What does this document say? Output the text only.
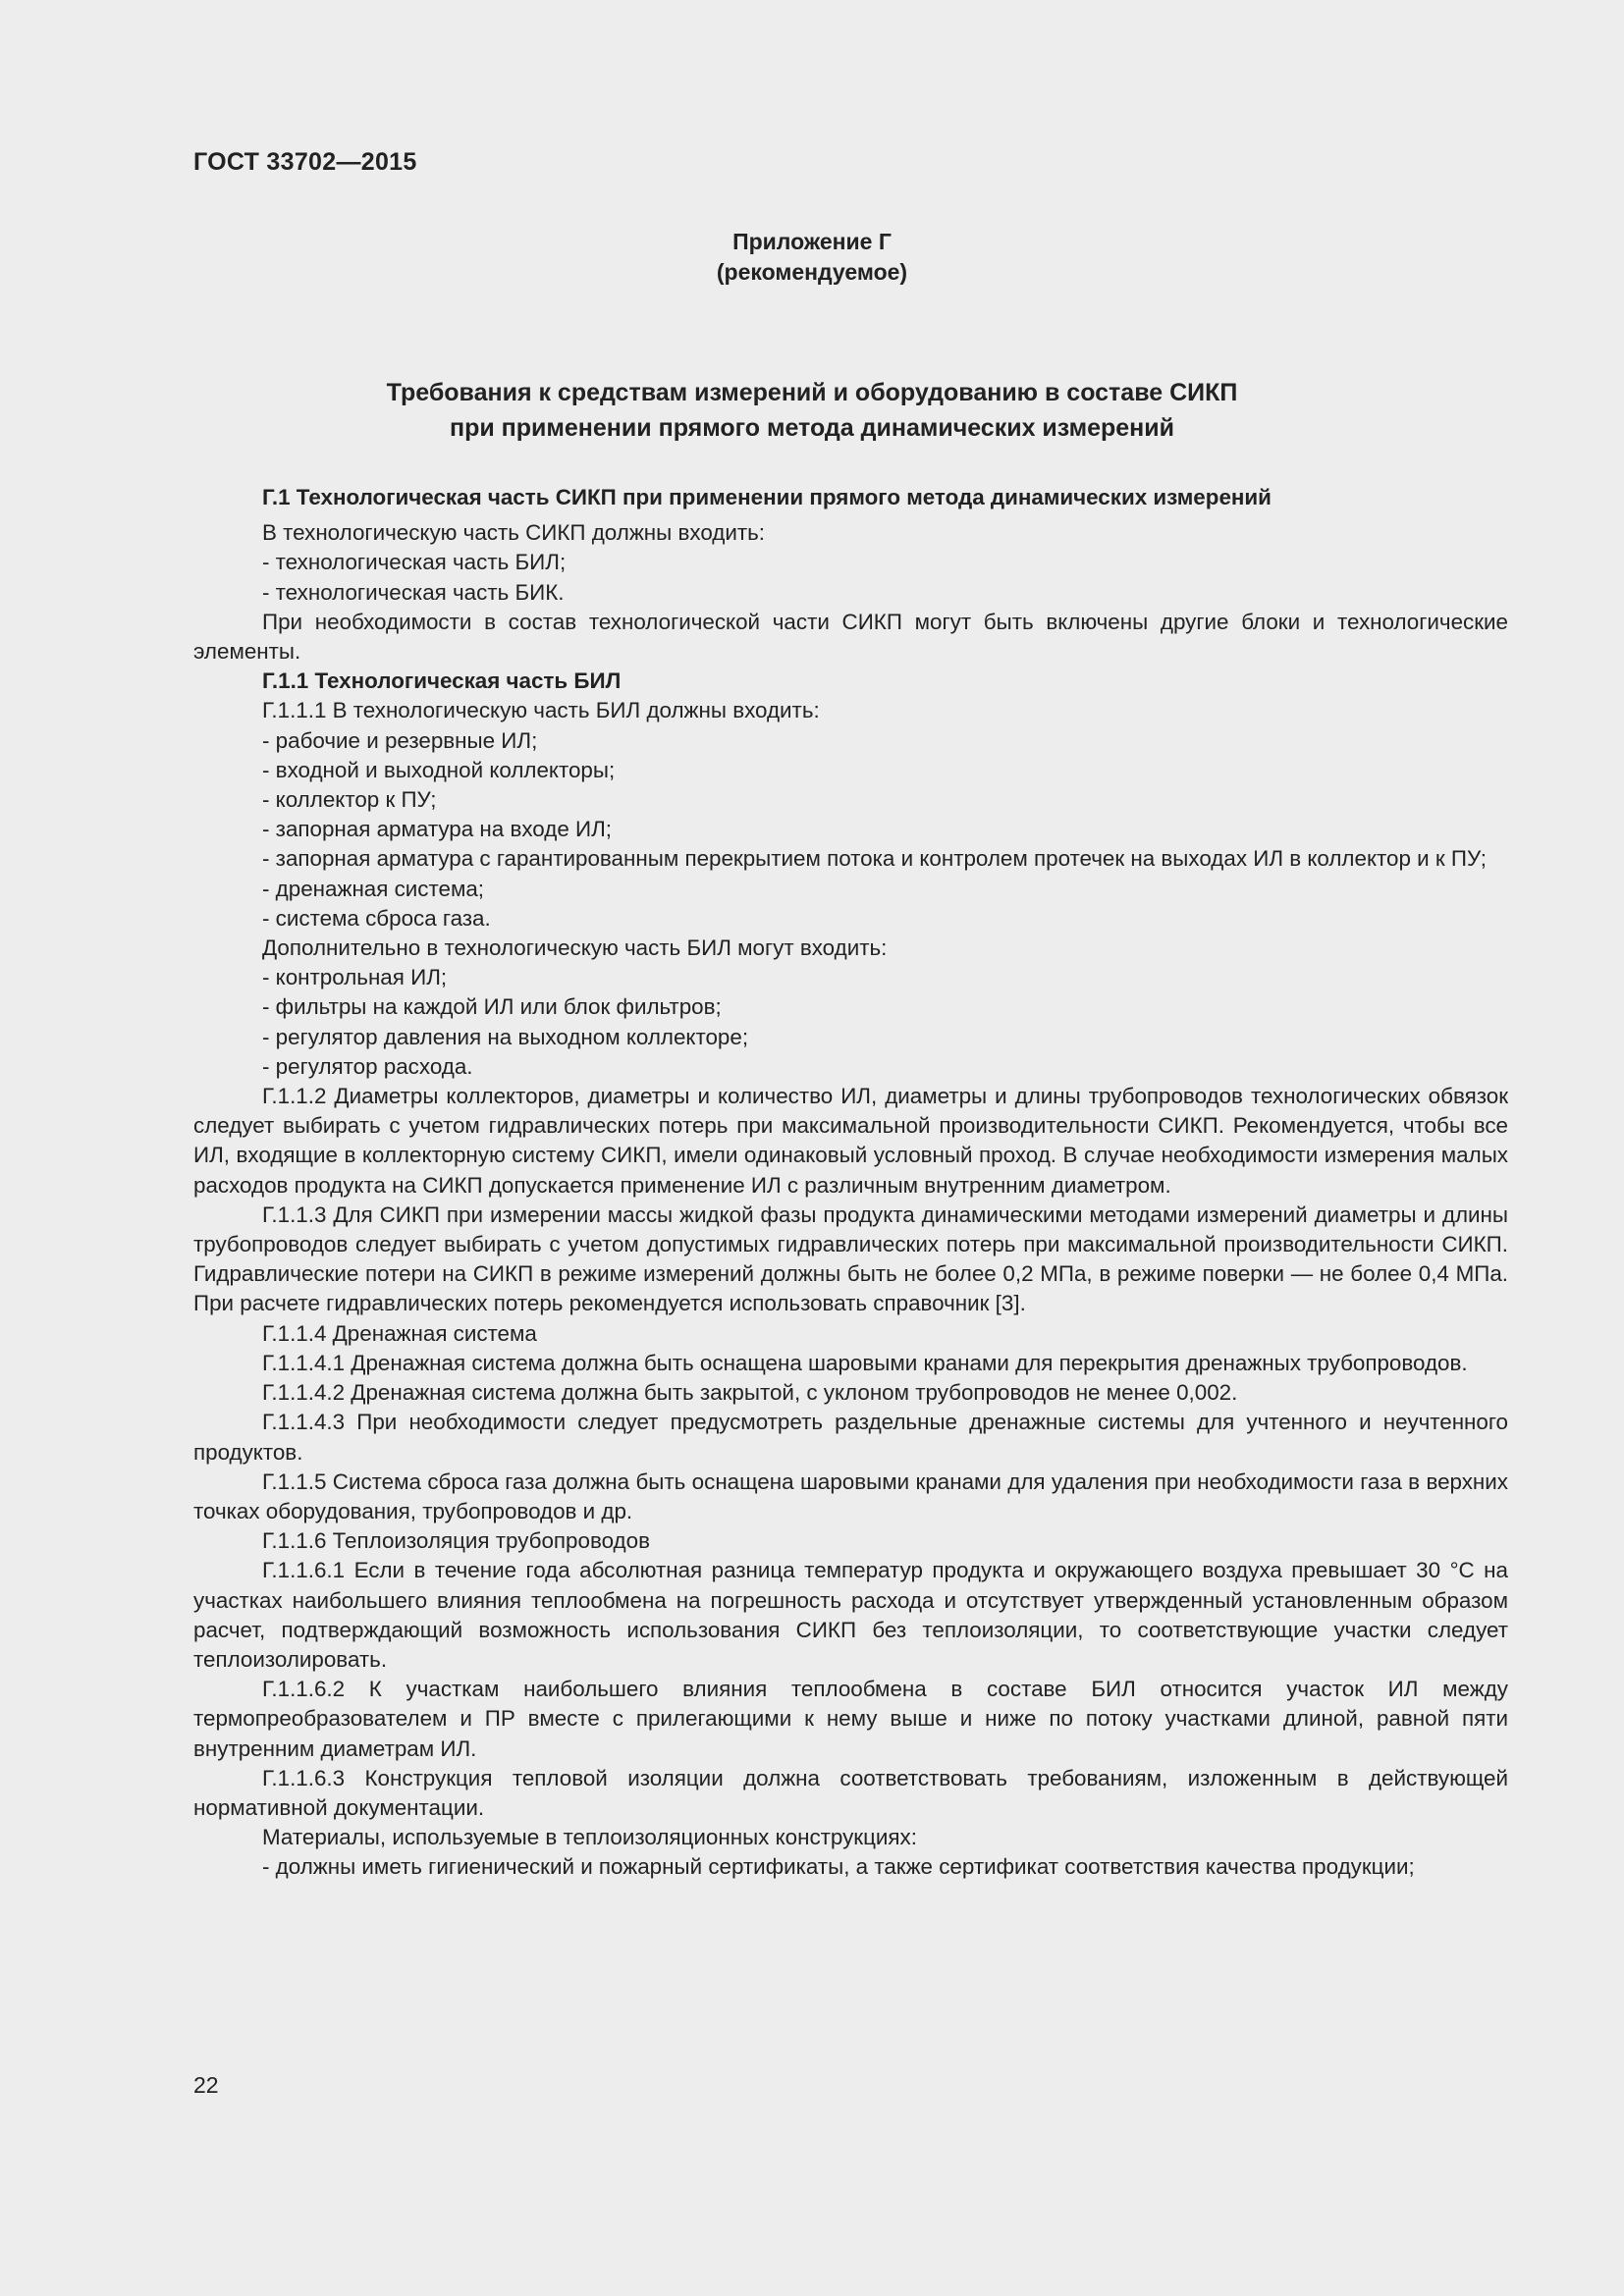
ГОСТ 33702—2015
Приложение Г
(рекомендуемое)
Требования к средствам измерений и оборудованию в составе СИКП
при применении прямого метода динамических измерений

Г.1 Технологическая часть СИКП при применении прямого метода динамических измерений

В технологическую часть СИКП должны входить:

- технологическая часть БИЛ;

- технологическая часть БИК.

При необходимости в состав технологической части СИКП могут быть включены другие блоки и технологические элементы.

Г.1.1 Технологическая часть БИЛ

Г.1.1.1 В технологическую часть БИЛ должны входить:

- рабочие и резервные ИЛ;

- входной и выходной коллекторы;

- коллектор к ПУ;

- запорная арматура на входе ИЛ;

- запорная арматура с гарантированным перекрытием потока и контролем протечек на выходах ИЛ в коллектор и к ПУ;

- дренажная система;

- система сброса газа.

Дополнительно в технологическую часть БИЛ могут входить:

- контрольная ИЛ;

- фильтры на каждой ИЛ или блок фильтров;

- регулятор давления на выходном коллекторе;

- регулятор расхода.

Г.1.1.2 Диаметры коллекторов, диаметры и количество ИЛ, диаметры и длины трубопроводов технологических обвязок следует выбирать с учетом гидравлических потерь при максимальной производительности СИКП. Рекомендуется, чтобы все ИЛ, входящие в коллекторную систему СИКП, имели одинаковый условный проход. В случае необходимости измерения малых расходов продукта на СИКП допускается применение ИЛ с различным внутренним диаметром.

Г.1.1.3 Для СИКП при измерении массы жидкой фазы продукта динамическими методами измерений диаметры и длины трубопроводов следует выбирать с учетом допустимых гидравлических потерь при максимальной производительности СИКП. Гидравлические потери на СИКП в режиме измерений должны быть не более 0,2 МПа, в режиме поверки — не более 0,4 МПа. При расчете гидравлических потерь рекомендуется использовать справочник [3].

Г.1.1.4 Дренажная система

Г.1.1.4.1 Дренажная система должна быть оснащена шаровыми кранами для перекрытия дренажных трубопроводов.

Г.1.1.4.2 Дренажная система должна быть закрытой, с уклоном трубопроводов не менее 0,002.

Г.1.1.4.3 При необходимости следует предусмотреть раздельные дренажные системы для учтенного и неучтенного продуктов.

Г.1.1.5 Система сброса газа должна быть оснащена шаровыми кранами для удаления при необходимости газа в верхних точках оборудования, трубопроводов и др.

Г.1.1.6 Теплоизоляция трубопроводов

Г.1.1.6.1 Если в течение года абсолютная разница температур продукта и окружающего воздуха превышает 30 °С на участках наибольшего влияния теплообмена на погрешность расхода и отсутствует утвержденный установленным образом расчет, подтверждающий возможность использования СИКП без теплоизоляции, то соответствующие участки следует теплоизолировать.

Г.1.1.6.2 К участкам наибольшего влияния теплообмена в составе БИЛ относится участок ИЛ между термопреобразователем и ПР вместе с прилегающими к нему выше и ниже по потоку участками длиной, равной пяти внутренним диаметрам ИЛ.

Г.1.1.6.3 Конструкция тепловой изоляции должна соответствовать требованиям, изложенным в действующей нормативной документации.

Материалы, используемые в теплоизоляционных конструкциях:

- должны иметь гигиенический и пожарный сертификаты, а также сертификат соответствия качества продукции;

22
